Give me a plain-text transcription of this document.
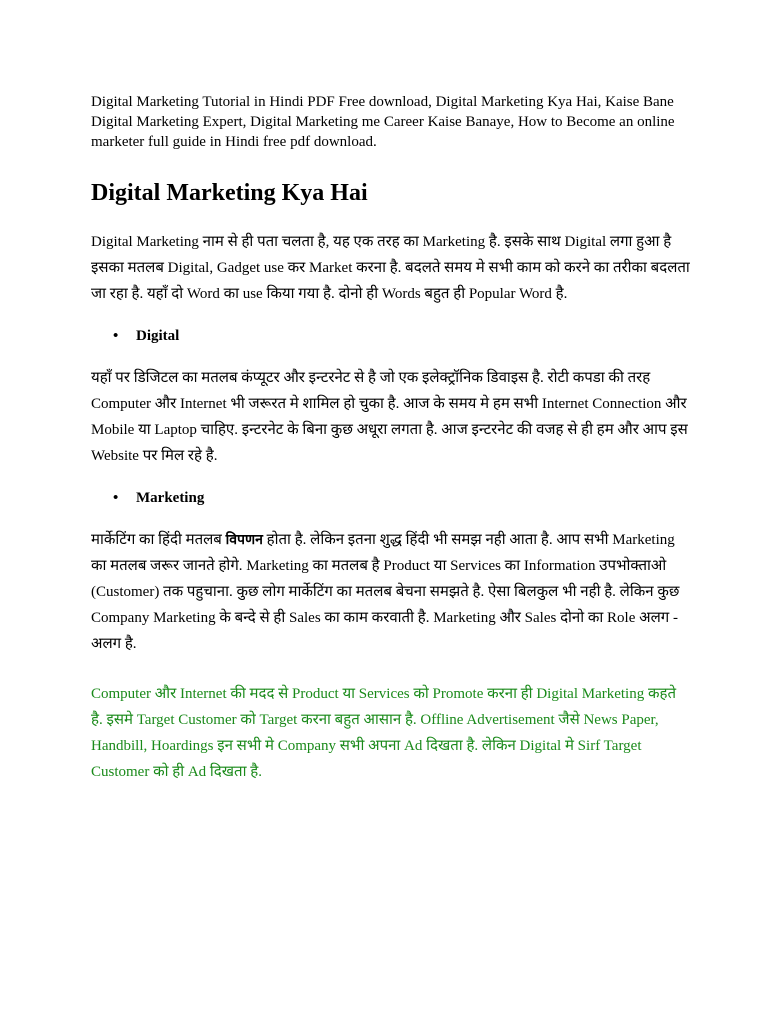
Digital Marketing Tutorial in Hindi PDF Free download, Digital Marketing Kya Hai, Kaise Bane Digital Marketing Expert, Digital Marketing me Career Kaise Banaye, How to Become an online marketer full guide in Hindi free pdf download.

Digital Marketing Kya Hai

Digital Marketing नाम से ही पता चलता है, यह एक तरह का Marketing है. इसके साथ Digital लगा हुआ है इसका मतलब Digital, Gadget use कर Market करना है. बदलते समय मे सभी काम को करने का तरीका बदलता जा रहा है. यहाँ दो Word का use किया गया है. दोनो ही Words बहुत ही Popular Word है.

• Digital

यहाँ पर डिजिटल का मतलब कंप्यूटर और इन्टरनेट से है जो एक इलेक्ट्रॉनिक डिवाइस है. रोटी कपडा की तरह Computer और Internet भी जरूरत मे शामिल हो चुका है. आज के समय मे हम सभी Internet Connection और Mobile या Laptop चाहिए. इन्टरनेट के बिना कुछ अधूरा लगता है. आज इन्टरनेट की वजह से ही हम और आप इस Website पर मिल रहे है.

• Marketing

मार्केटिंग का हिंदी मतलब विपणन होता है. लेकिन इतना शुद्ध हिंदी भी समझ नही आता है. आप सभी Marketing का मतलब जरूर जानते होगे. Marketing का मतलब है Product या Services का Information उपभोक्ताओ (Customer) तक पहुचाना. कुछ लोग मार्केटिंग का मतलब बेचना समझते है. ऐसा बिलकुल भी नही है. लेकिन कुछ Company Marketing के बन्दे से ही Sales का काम करवाती है. Marketing और Sales दोनो का Role अलग - अलग है.

Computer और Internet की मदद से Product या Services को Promote करना ही Digital Marketing कहते है. इसमे Target Customer को Target करना बहुत आसान है. Offline Advertisement जैसे News Paper, Handbill, Hoardings इन सभी मे Company सभी अपना Ad दिखता है. लेकिन Digital मे Sirf Target Customer को ही Ad दिखता है.
